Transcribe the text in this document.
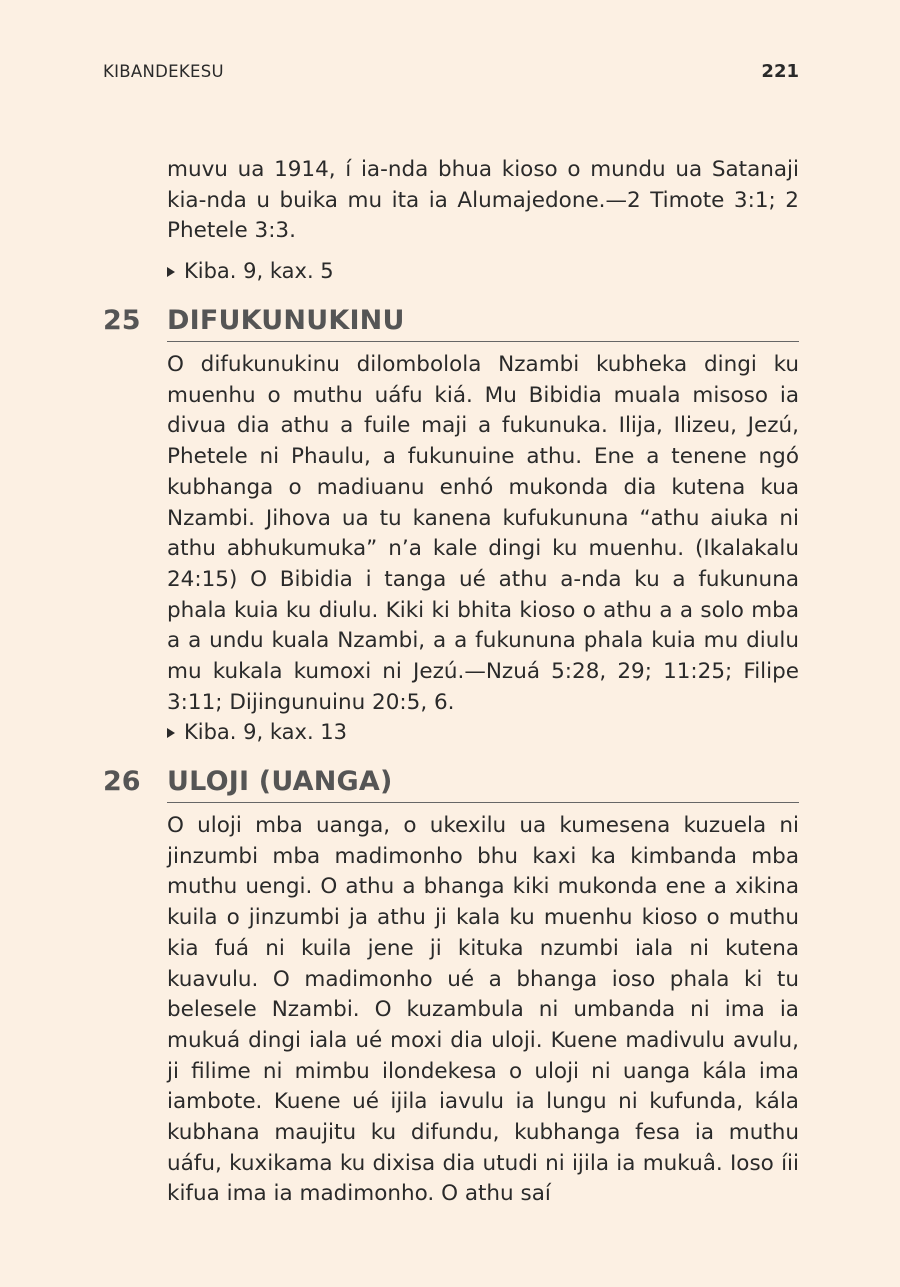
KIBANDEKESU	221

muvu ua 1914, í ia-nda bhua kioso o mundu ua Satanaji kia-nda u buika mu ita ia Alumajedone.—2 Timote 3:1; 2 Phetele 3:3.

Kiba. 9, kax. 5
25 DIFUKUNUKINU

O difukunukinu dilombolola Nzambi kubheka dingi ku muenhu o muthu uáfu kiá. Mu Bibidia muala misoso ia divua dia athu a fuile maji a fukunuka. Ilija, Ilizeu, Jezú, Phetele ni Phaulu, a fukunuine athu. Ene a tenene ngó kubhanga o madiuanu enhó mukonda dia kutena kua Nzambi. Jihova ua tu kanena kufukununa “athu aiuka ni athu abhukumuka” n’a kale dingi ku muenhu. (Ikalakalu 24:15) O Bibidia i tanga ué athu a-nda ku a fukununa phala kuia ku diulu. Kiki ki bhita kioso o athu a a solo mba a a undu kuala Nzambi, a a fukununa phala kuia mu diulu mu kukala kumoxi ni Jezú.—Nzuá 5:28, 29; 11:25; Filipe 3:11; Dijingunuinu 20:5, 6.

Kiba. 9, kax. 13
26 ULOJI (UANGA)

O uloji mba uanga, o ukexilu ua kumesena kuzuela ni jinzumbi mba madimonho bhu kaxi ka kimbanda mba muthu uengi. O athu a bhanga kiki mukonda ene a xikina kuila o jinzumbi ja athu ji kala ku muenhu kioso o muthu kia fuá ni kuila jene ji kituka nzumbi iala ni kutena kuavulu. O madimonho ué a bhanga ioso phala ki tu belesele Nzambi. O kuzambula ni umbanda ni ima ia mukuá dingi iala ué moxi dia uloji. Kuene madivulu avulu, ji filime ni mimbu ilondekesa o uloji ni uanga kála ima iambote. Kuene ué ijila iavulu ia lungu ni kufunda, kála kubhana maujitu ku difundu, kubhanga fesa ia muthu uáfu, kuxikama ku dixisa dia utudi ni ijila ia mukuâ. Ioso íii kifua ima ia madimonho. O athu saí
